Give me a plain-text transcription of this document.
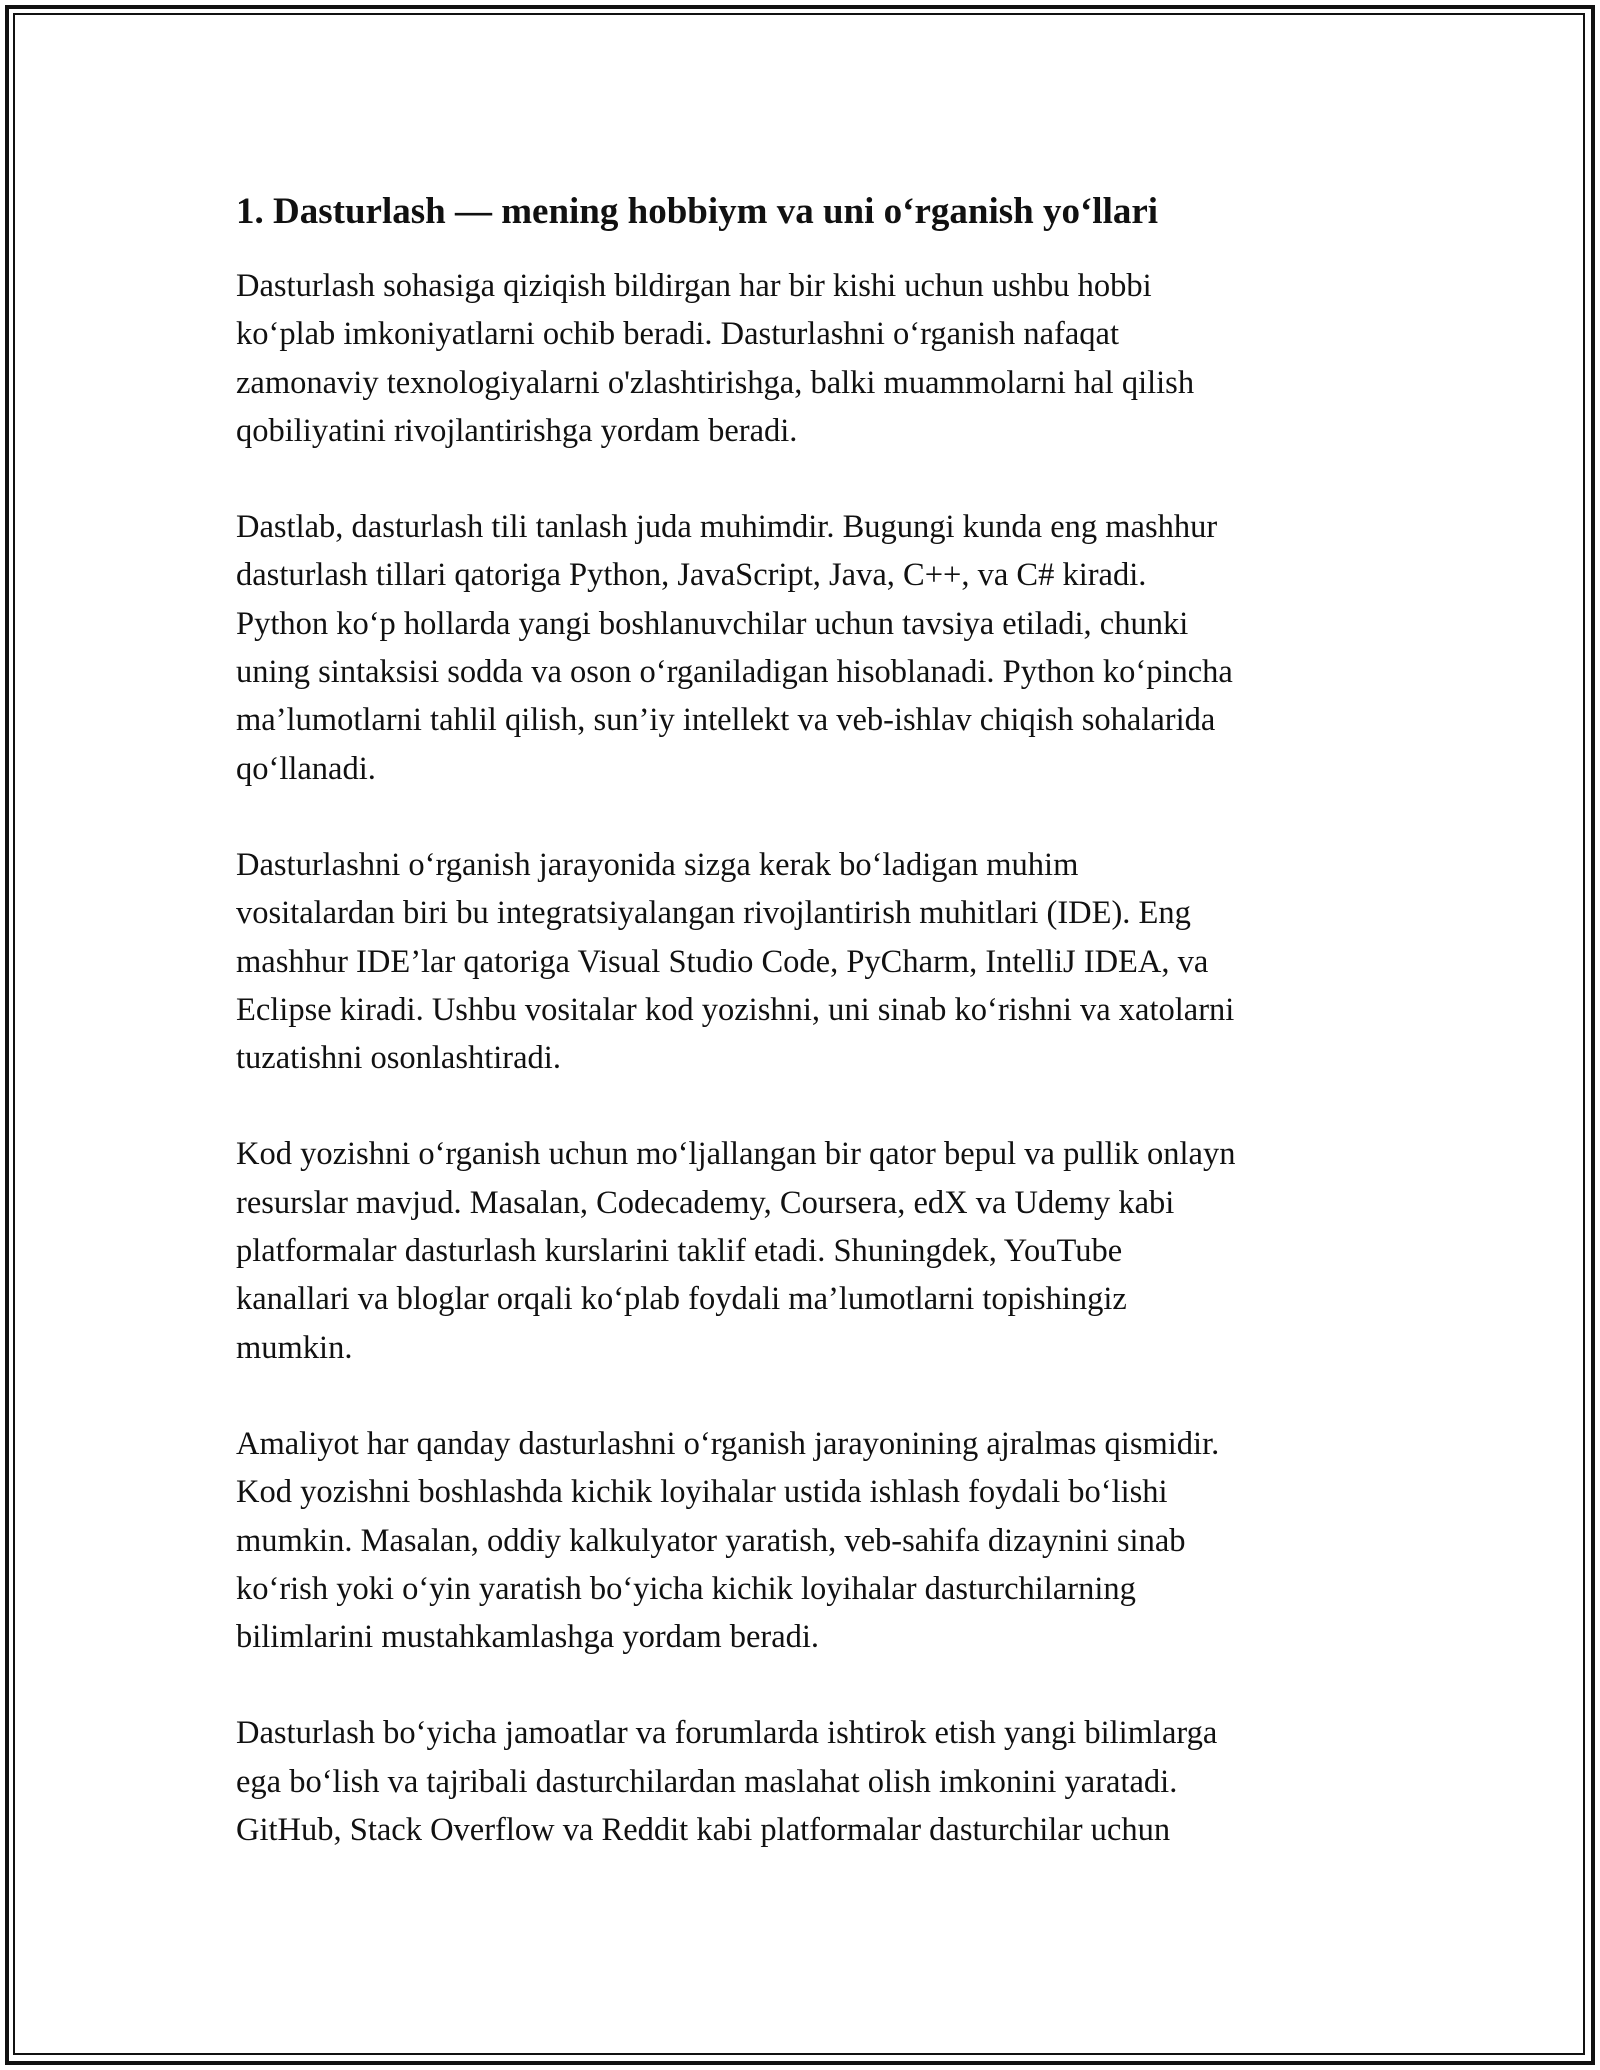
1. Dasturlash — mening hobbiym va uni o‘rganish yo‘llari

Dasturlash sohasiga qiziqish bildirgan har bir kishi uchun ushbu hobbi
ko‘plab imkoniyatlarni ochib beradi. Dasturlashni o‘rganish nafaqat
zamonaviy texnologiyalarni o'zlashtirishga, balki muammolarni hal qilish
qobiliyatini rivojlantirishga yordam beradi.

Dastlab, dasturlash tili tanlash juda muhimdir. Bugungi kunda eng mashhur
dasturlash tillari qatoriga Python, JavaScript, Java, C++, va C# kiradi.
Python ko‘p hollarda yangi boshlanuvchilar uchun tavsiya etiladi, chunki
uning sintaksisi sodda va oson o‘rganiladigan hisoblanadi. Python ko‘pincha
ma’lumotlarni tahlil qilish, sun’iy intellekt va veb-ishlav chiqish sohalarida
qo‘llanadi.

Dasturlashni o‘rganish jarayonida sizga kerak bo‘ladigan muhim
vositalardan biri bu integratsiyalangan rivojlantirish muhitlari (IDE). Eng
mashhur IDE’lar qatoriga Visual Studio Code, PyCharm, IntelliJ IDEA, va
Eclipse kiradi. Ushbu vositalar kod yozishni, uni sinab ko‘rishni va xatolarni
tuzatishni osonlashtiradi.

Kod yozishni o‘rganish uchun mo‘ljallangan bir qator bepul va pullik onlayn
resurslar mavjud. Masalan, Codecademy, Coursera, edX va Udemy kabi
platformalar dasturlash kurslarini taklif etadi. Shuningdek, YouTube
kanallari va bloglar orqali ko‘plab foydali ma’lumotlarni topishingiz
mumkin.

Amaliyot har qanday dasturlashni o‘rganish jarayonining ajralmas qismidir.
Kod yozishni boshlashda kichik loyihalar ustida ishlash foydali bo‘lishi
mumkin. Masalan, oddiy kalkulyator yaratish, veb-sahifa dizaynini sinab
ko‘rish yoki o‘yin yaratish bo‘yicha kichik loyihalar dasturchilarning
bilimlarini mustahkamlashga yordam beradi.

Dasturlash bo‘yicha jamoatlar va forumlarda ishtirok etish yangi bilimlarga
ega bo‘lish va tajribali dasturchilardan maslahat olish imkonini yaratadi.
GitHub, Stack Overflow va Reddit kabi platformalar dasturchilar uchun
